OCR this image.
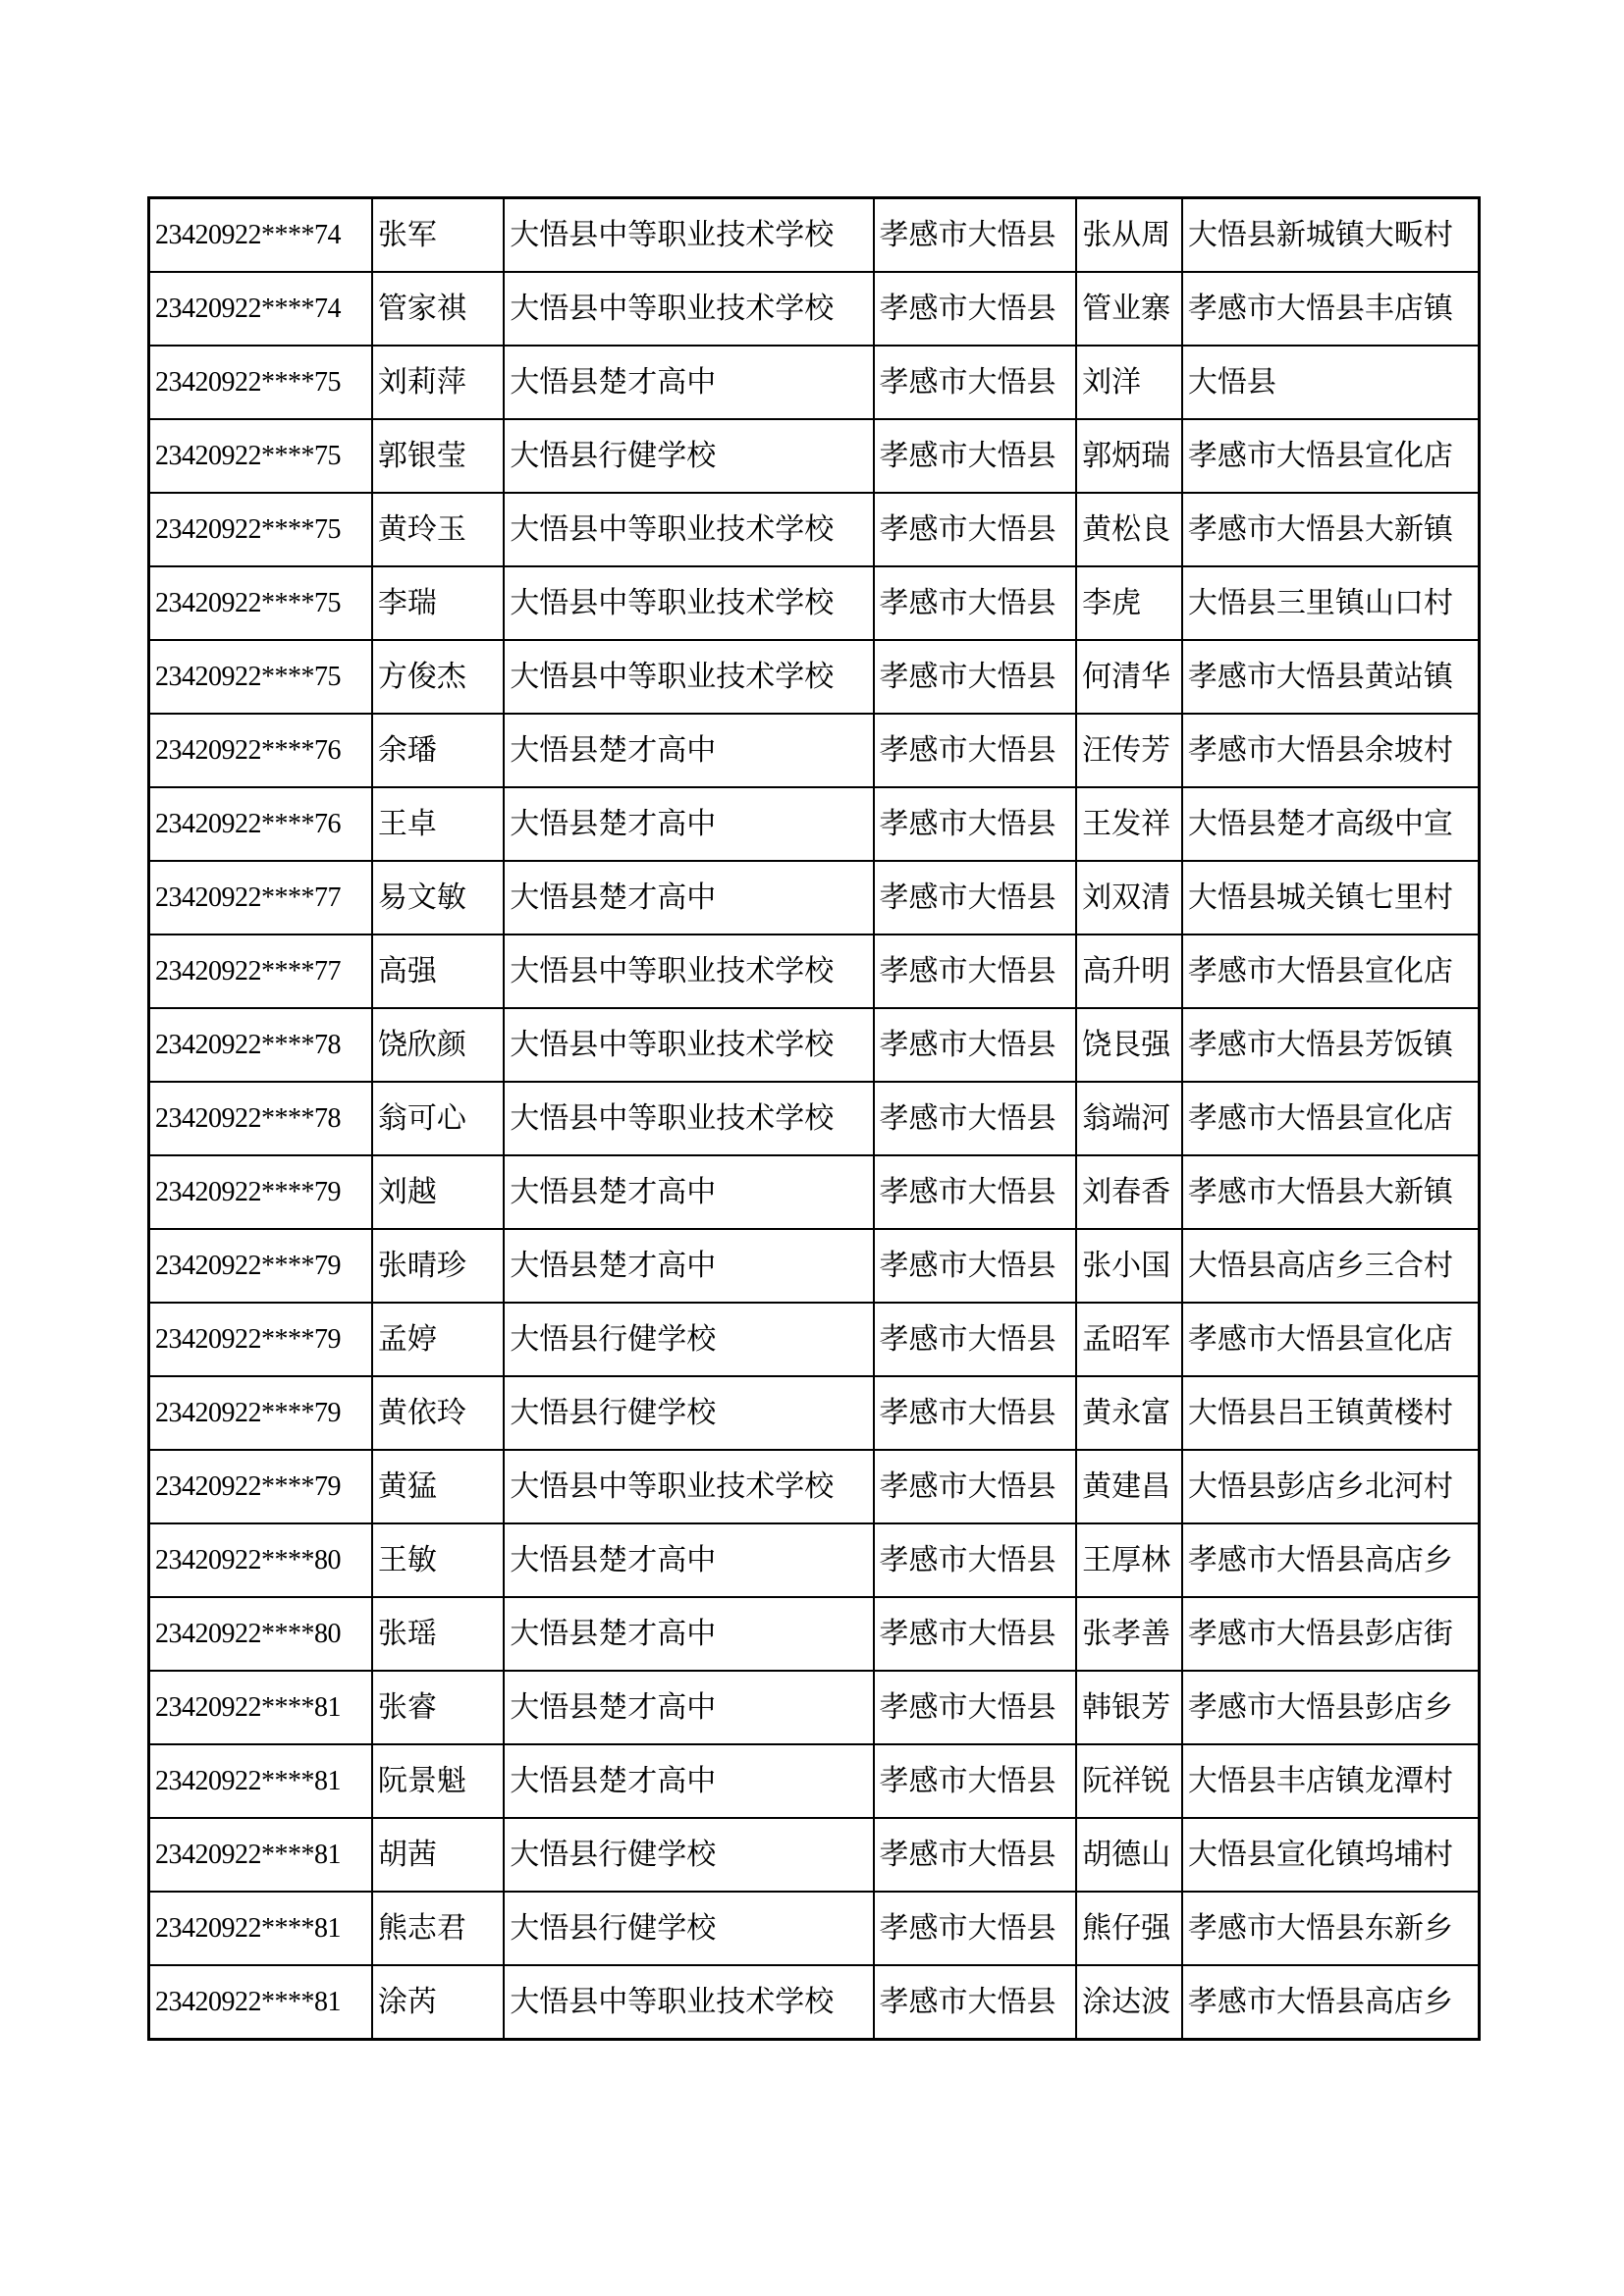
23420922****74	张军	大悟县中等职业技术学校	孝感市大悟县	张从周	大悟县新城镇大畈村
23420922****74	管家祺	大悟县中等职业技术学校	孝感市大悟县	管业寨	孝感市大悟县丰店镇
23420922****75	刘莉萍	大悟县楚才高中	孝感市大悟县	刘洋	大悟县
23420922****75	郭银莹	大悟县行健学校	孝感市大悟县	郭炳瑞	孝感市大悟县宣化店
23420922****75	黄玲玉	大悟县中等职业技术学校	孝感市大悟县	黄松良	孝感市大悟县大新镇
23420922****75	李瑞	大悟县中等职业技术学校	孝感市大悟县	李虎	大悟县三里镇山口村
23420922****75	方俊杰	大悟县中等职业技术学校	孝感市大悟县	何清华	孝感市大悟县黄站镇
23420922****76	余璠	大悟县楚才高中	孝感市大悟县	汪传芳	孝感市大悟县余坡村
23420922****76	王卓	大悟县楚才高中	孝感市大悟县	王发祥	大悟县楚才高级中宣
23420922****77	易文敏	大悟县楚才高中	孝感市大悟县	刘双清	大悟县城关镇七里村
23420922****77	高强	大悟县中等职业技术学校	孝感市大悟县	高升明	孝感市大悟县宣化店
23420922****78	饶欣颜	大悟县中等职业技术学校	孝感市大悟县	饶艮强	孝感市大悟县芳饭镇
23420922****78	翁可心	大悟县中等职业技术学校	孝感市大悟县	翁端河	孝感市大悟县宣化店
23420922****79	刘越	大悟县楚才高中	孝感市大悟县	刘春香	孝感市大悟县大新镇
23420922****79	张晴珍	大悟县楚才高中	孝感市大悟县	张小国	大悟县高店乡三合村
23420922****79	孟婷	大悟县行健学校	孝感市大悟县	孟昭军	孝感市大悟县宣化店
23420922****79	黄依玲	大悟县行健学校	孝感市大悟县	黄永富	大悟县吕王镇黄楼村
23420922****79	黄猛	大悟县中等职业技术学校	孝感市大悟县	黄建昌	大悟县彭店乡北河村
23420922****80	王敏	大悟县楚才高中	孝感市大悟县	王厚林	孝感市大悟县高店乡
23420922****80	张瑶	大悟县楚才高中	孝感市大悟县	张孝善	孝感市大悟县彭店街
23420922****81	张睿	大悟县楚才高中	孝感市大悟县	韩银芳	孝感市大悟县彭店乡
23420922****81	阮景魁	大悟县楚才高中	孝感市大悟县	阮祥锐	大悟县丰店镇龙潭村
23420922****81	胡茜	大悟县行健学校	孝感市大悟县	胡德山	大悟县宣化镇坞埔村
23420922****81	熊志君	大悟县行健学校	孝感市大悟县	熊仔强	孝感市大悟县东新乡
23420922****81	涂芮	大悟县中等职业技术学校	孝感市大悟县	涂达波	孝感市大悟县高店乡
